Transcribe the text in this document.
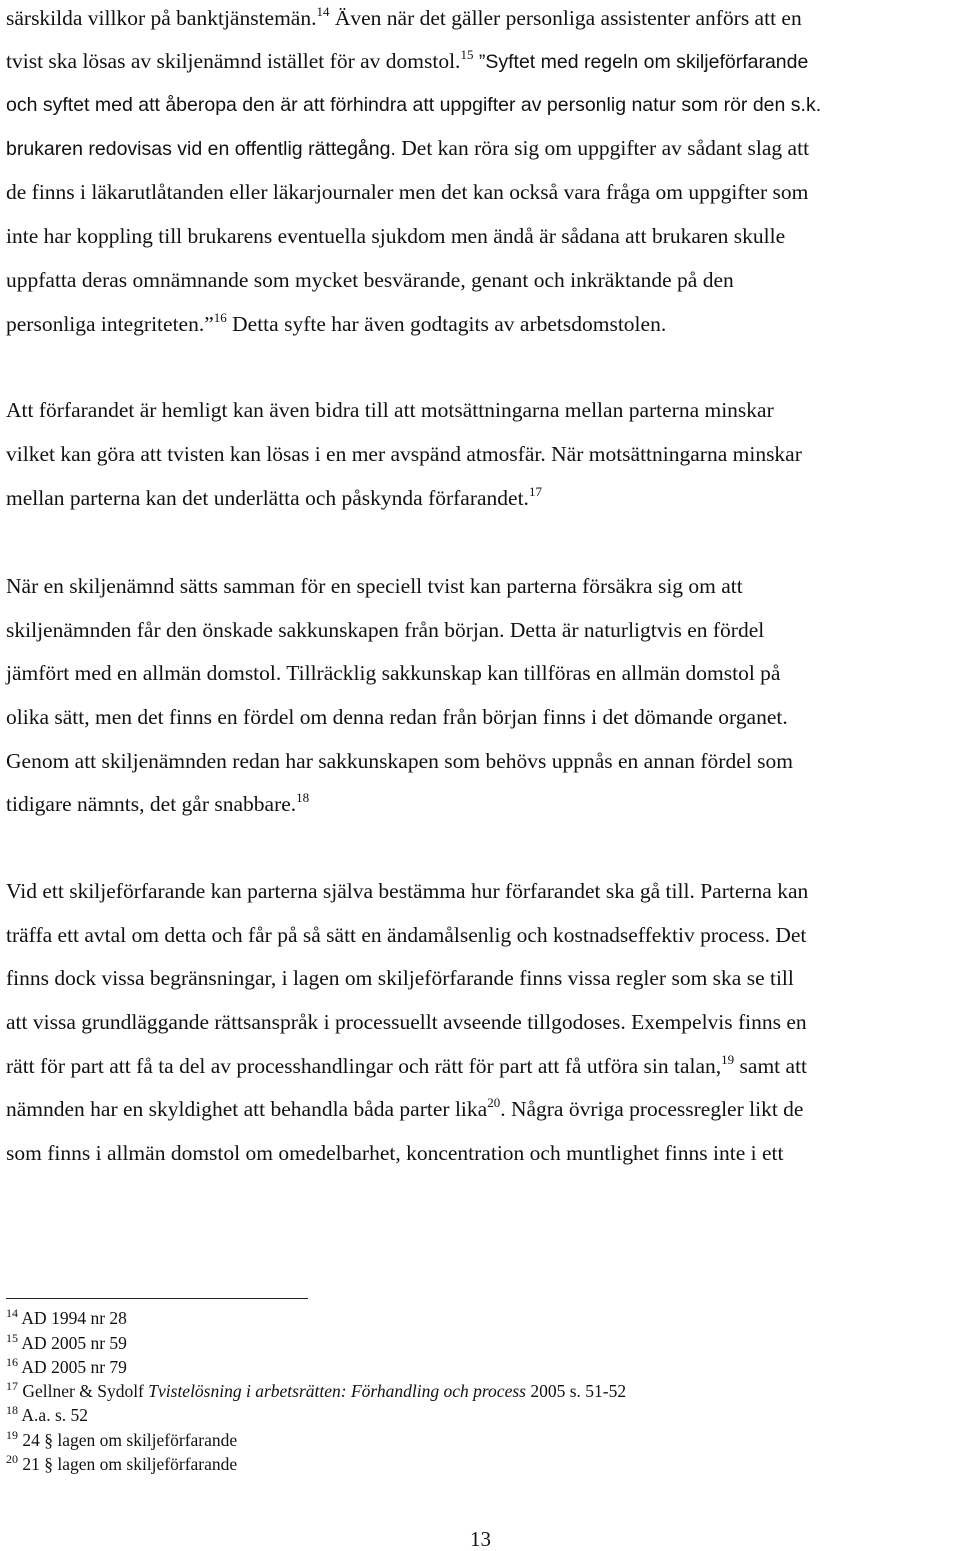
särskilda villkor på banktjänstemän.$^{14}$ Även när det gäller personliga assistenter anförs att en
tvist ska lösas av skiljenämnd istället för av domstol.$^{15}$ ”Syftet med regeln om skiljeförfarande
och syftet med att åberopa den är att förhindra att uppgifter av personlig natur som rör den s.k.
brukaren redovisas vid en offentlig rättegång. Det kan röra sig om uppgifter av sådant slag att
de finns i läkarutlåtanden eller läkarjournaler men det kan också vara fråga om uppgifter som
inte har koppling till brukarens eventuella sjukdom men ändå är sådana att brukaren skulle
uppfatta deras omnämnande som mycket besvärande, genant och inkräktande på den
personliga integriteten.”$^{16}$ Detta syfte har även godtagits av arbetsdomstolen.
Att förfarandet är hemligt kan även bidra till att motsättningarna mellan parterna minskar
vilket kan göra att tvisten kan lösas i en mer avspänd atmosfär. När motsättningarna minskar
mellan parterna kan det underlätta och påskynda förfarandet.$^{17}$
När en skiljenämnd sätts samman för en speciell tvist kan parterna försäkra sig om att
skiljenämnden får den önskade sakkunskapen från början. Detta är naturligtvis en fördel
jämfört med en allmän domstol. Tillräcklig sakkunskap kan tillföras en allmän domstol på
olika sätt, men det finns en fördel om denna redan från början finns i det dömande organet.
Genom att skiljenämnden redan har sakkunskapen som behövs uppnås en annan fördel som
tidigare nämnts, det går snabbare.$^{18}$
Vid ett skiljeförfarande kan parterna själva bestämma hur förfarandet ska gå till. Parterna kan
träffa ett avtal om detta och får på så sätt en ändamålsenlig och kostnadseffektiv process. Det
finns dock vissa begränsningar, i lagen om skiljeförfarande finns vissa regler som ska se till
att vissa grundläggande rättsanspråk i processuellt avseende tillgodoses. Exempelvis finns en
rätt för part att få ta del av processhandlingar och rätt för part att få utföra sin talan,$^{19}$ samt att
nämnden har en skyldighet att behandla båda parter lika$^{20}$. Några övriga processregler likt de
som finns i allmän domstol om omedelbarhet, koncentration och muntlighet finns inte i ett
$^{14}$ AD 1994 nr 28
$^{15}$ AD 2005 nr 59
$^{16}$ AD 2005 nr 79
$^{17}$ Gellner & Sydolf Tvistelösning i arbetsrätten: Förhandling och process 2005 s. 51-52
$^{18}$ A.a. s. 52
$^{19}$ 24 § lagen om skiljeförfarande
$^{20}$ 21 § lagen om skiljeförfarande
13
